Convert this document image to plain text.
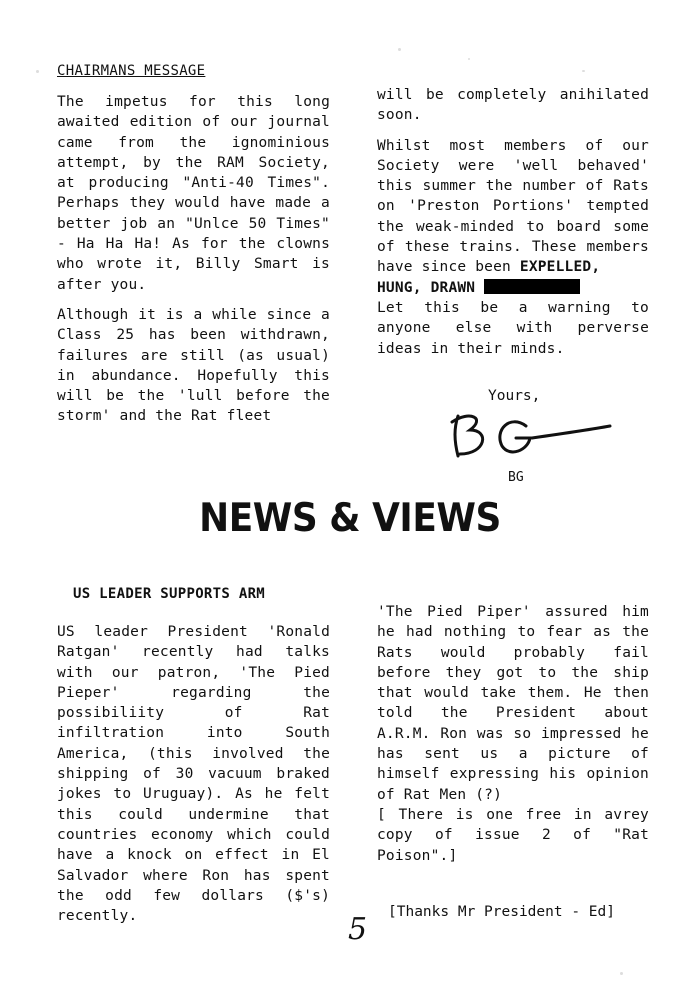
CHAIRMANS MESSAGE

The impetus for this long awaited edition of our journal came from the ignominious attempt, by the RAM Society, at producing "Anti-40 Times". Perhaps they would have made a better job an "Unlce 50 Times" - Ha Ha Ha! As for the clowns who wrote it, Billy Smart is after you.

Although it is a while since a Class 25 has been withdrawn, failures are still (as usual) in abundance. Hopefully this will be the 'lull before the storm' and the Rat fleet

will be completely anihilated soon.

Whilst most members of our Society were 'well behaved' this summer the number of Rats on 'Preston Portions' tempted the weak-minded to board some of these trains. These members have since been EXPELLED,
HUNG, DRAWN

Let this be a warning to anyone else with perverse ideas in their minds.

Yours,
BG
NEWS & VIEWS
US LEADER SUPPORTS ARM

US leader President 'Ronald Ratgan' recently had talks with our patron, 'The Pied Pieper' regarding the possibiliity of Rat infiltration into South America, (this involved the shipping of 30 vacuum braked jokes to Uruguay). As he felt this could undermine that countries economy which could have a knock on effect in El Salvador where Ron has spent the odd few dollars ($'s) recently.

'The Pied Piper' assured him he had nothing to fear as the Rats would probably fail before they got to the ship that would take them. He then told the President about A.R.M. Ron was so impressed he has sent us a picture of himself expressing his opinion of Rat Men (?)

[ There is one free in avrey copy of issue 2 of "Rat Poison".]

[Thanks Mr President - Ed]
5
